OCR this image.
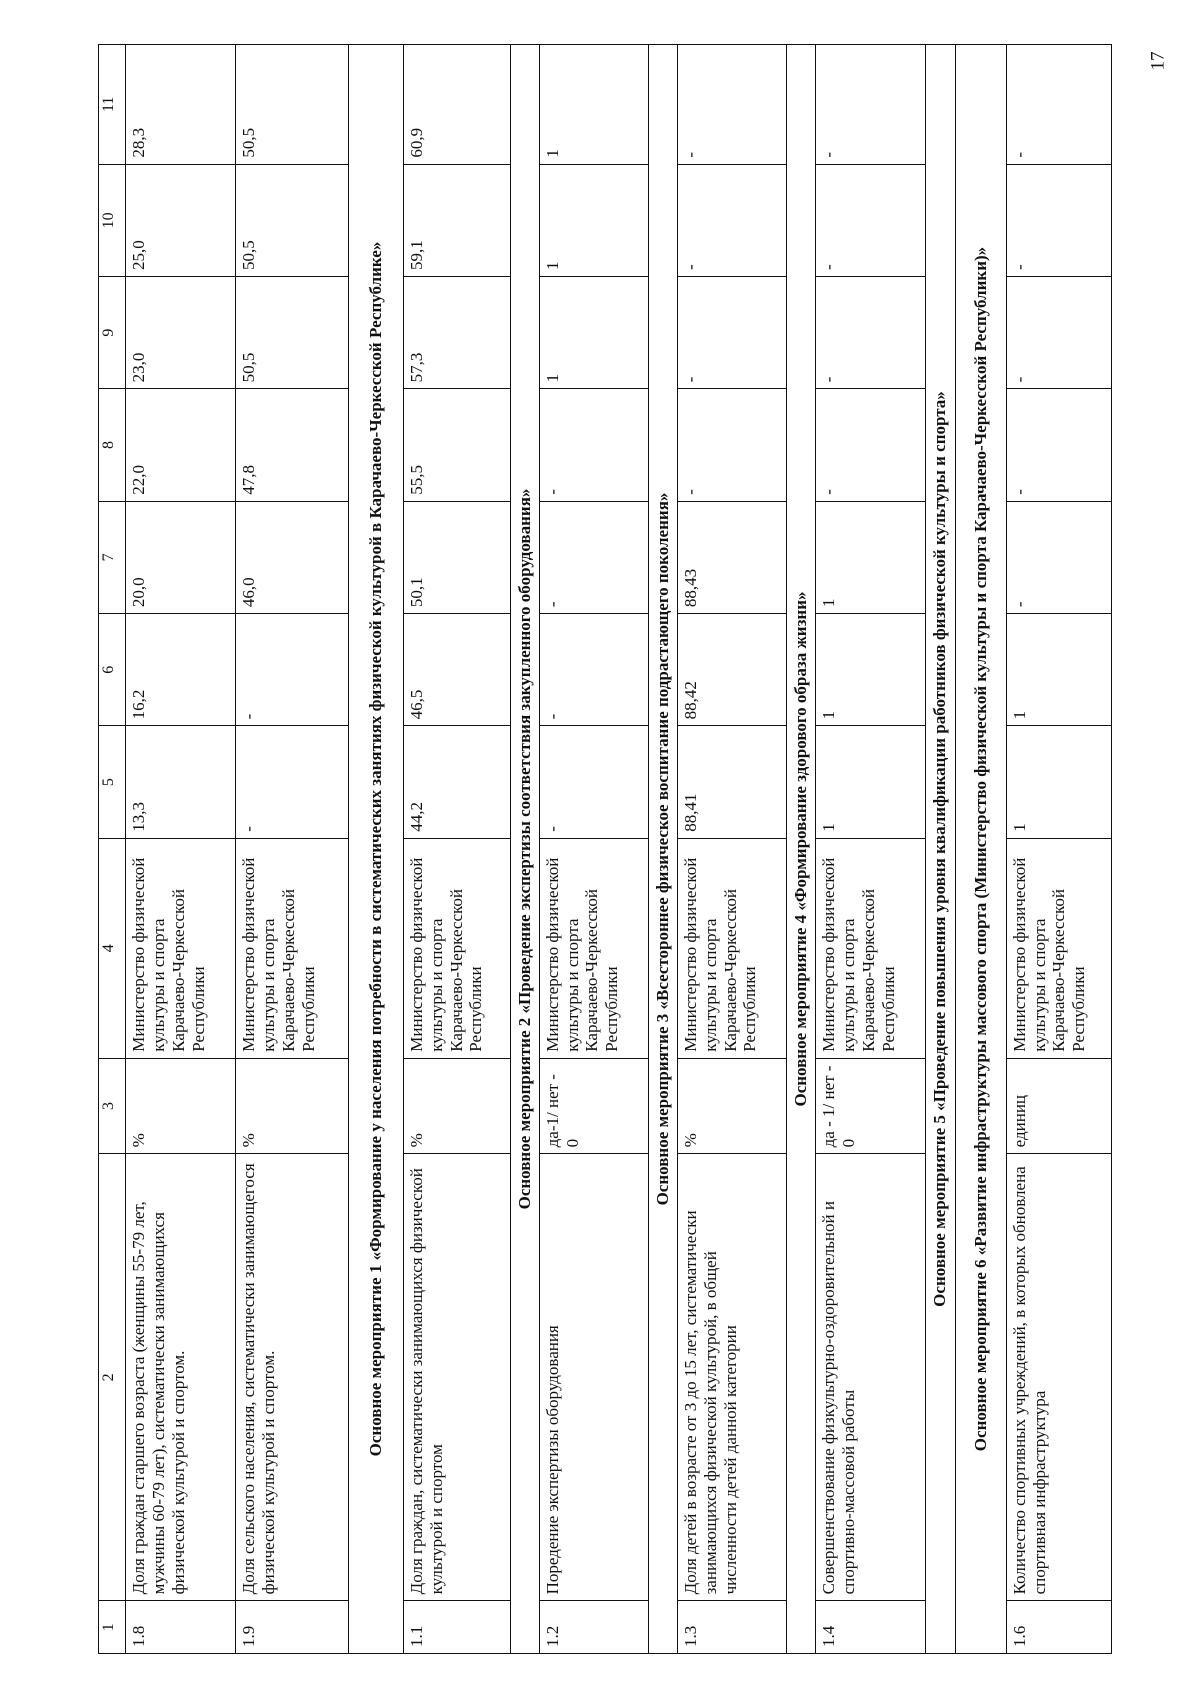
17
1	2	3	4	5	6	7	8	9	10	11
1.8	Доля граждан старшего возраста (женщины 55-79 лет, мужчины 60-79 лет), систематически занимающихся физической культурой и спортом.	%	Министерство физической культуры и спорта Карачаево-Черкесской Республики	13,3	16,2	20,0	22,0	23,0	25,0	28,3
1.9	Доля сельского населения, систематически занимающегося физической культурой и спортом.	%	Министерство физической культуры и спорта Карачаево-Черкесской Республики	-	-	46,0	47,8	50,5	50,5	50,5
Основное мероприятие 1 «Формирование у населения потребности в систематических занятиях физической культурой в Карачаево-Черкесской Республике»										
1.1	Доля граждан, систематически занимающихся физической культурой и спортом	%	Министерство физической культуры и спорта Карачаево-Черкесской Республики	44,2	46,5	50,1	55,5	57,3	59,1	60,9
Основное мероприятие 2 «Проведение экспертизы соответствия закупленного оборудования»										
1.2	Поредение экспертизы оборудования	да-1/ нет - 0	Министерство физической культуры и спорта Карачаево-Черкесской Республики	-	-	-	-	1	1	1
Основное мероприятие 3 «Всестороннее физическое воспитание подрастающего поколения»										
1.3	Доля детей в возрасте от 3 до 15 лет, систематически занимающихся физической культурой, в общей численности детей данной категории	%	Министерство физической культуры и спорта Карачаево-Черкесской Республики	88,41	88,42	88,43	-	-	-	-
Основное мероприятие 4 «Формирование здорового образа жизни»										
1.4	Совершенствование физкультурно-оздоровительной и спортивно-массовой работы	да - 1/ нет - 0	Министерство физической культуры и спорта Карачаево-Черкесской Республики	1	1	1	-	-	-	-
Основное мероприятие 5 «Проведение повышения уровня квалификации работников физической культуры и спорта»										
Основное мероприятие 6 «Развитие инфраструктуры массового спорта (Министерство физической культуры и спорта Карачаево-Черкесской Республики)»										
1.6	Количество спортивных учреждений, в которых обновлена спортивная инфраструктура	единиц	Министерство физической культуры и спорта Карачаево-Черкесской Республики	1	1	-	-	-	-	-
